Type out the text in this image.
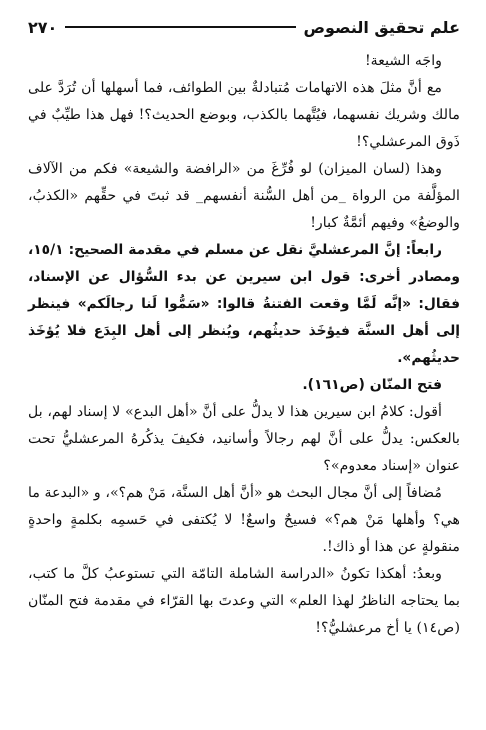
٢٧٠	علم تحقيق النصوص
واجَه الشيعة!
مع أنَّ مثلَ هذه الاتهامات مُتبادلةٌ بين الطوائف، فما أسهلها أن تُرَدَّ على مالك وشريك نفسهما، فيُتَّهما بالكذب، وبوضع الحديث؟! فهل هذا طيِّبٌ في ذَوق المرعشلي؟!
وهذا (لسان الميزان) لو فُرِّغَ من «الرافضة والشيعة» فكم من الآلاف المؤلَّفة من الرواة _من أهل السُّنة أنفسهم_ قد ثبتَ في حقِّهم «الكذبُ، والوضعُ» وفيهم أئمَّةٌ كبار!
رابعاً: إنَّ المرعشليَّ نقل عن مسلم في مقدمة الصحيح: ١٥/١، ومصادر أخرى: قول ابن سيرين عن بدء السُّؤال عن الإسناد، فقال: «إنَّه لَمَّا وقعت الفتنةُ قالوا: «سَمُّوا لَنا رجالَكم» فينظر إلى أهل السنَّة فيؤخَذ حديثُهم، ويُنظر إلى أهل البِدَع فلا يُؤخَذ حديثُهم».
فتح المنّان (ص١٦١).
أقول: كلامُ ابن سيرين هذا لا يدلُّ على أنَّ «أهل البدع» لا إسناد لهم، بل بالعكس: يدلُّ على أنَّ لهم رجالاً وأسانيد، فكيفَ يذكُرهُ المرعشليُّ تحت عنوان «إسناد معدوم»؟
مُضافاً إلى أنَّ مجال البحث هو «أنَّ أهل السنَّة، مَنْ هم؟»، و «البدعة ما هي؟ وأهلها مَنْ هم؟» فسيحٌ واسعٌ! لا يُكتفى في حَسمِه بكلمةٍ واحدةٍ منقولةٍ عن هذا أو ذاك!.
وبعدُ: أهكذا تكونُ «الدراسة الشاملة التامّة التي تستوعبُ كلَّ ما كتب، بما يحتاجه الناظرُ لهذا العلم» التي وعدتَ بها القرّاء في مقدمة فتح المنّان (ص١٤) يا أخ مرعشليُّ؟!
